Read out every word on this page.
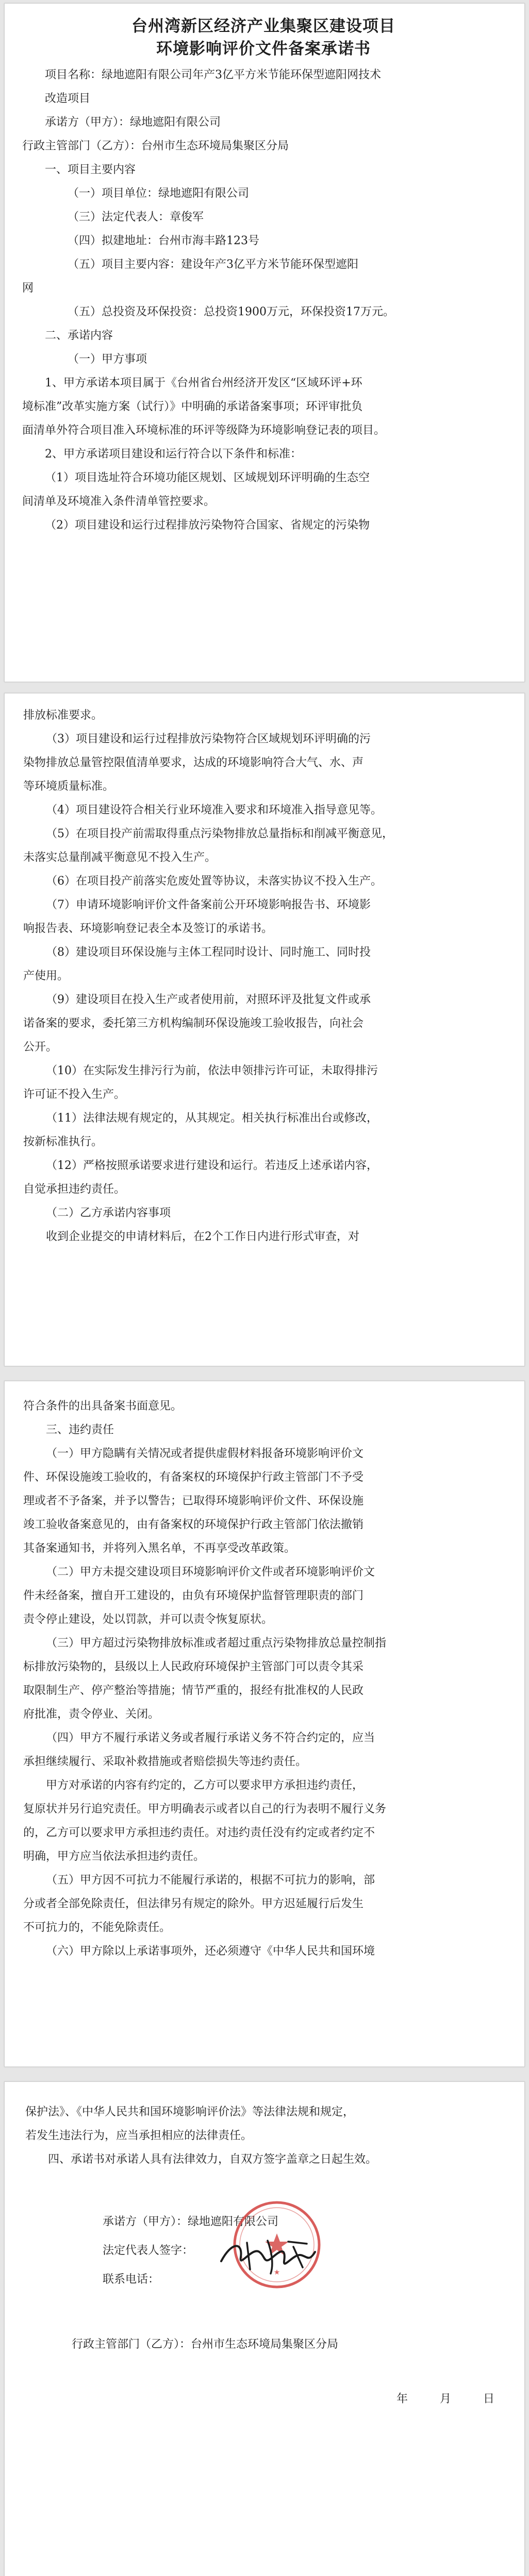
台州湾新区经济产业集聚区建设项目

环境影响评价文件备案承诺书

项目名称：绿地遮阳有限公司年产3亿平方米节能环保型遮阳网技术

改造项目

承诺方（甲方）：绿地遮阳有限公司

行政主管部门（乙方）：台州市生态环境局集聚区分局

一、项目主要内容

（一）项目单位：绿地遮阳有限公司

（三）法定代表人：章俊军

（四）拟建地址：台州市海丰路123号

（五）项目主要内容：建设年产3亿平方米节能环保型遮阳

网

（五）总投资及环保投资：总投资1900万元，环保投资17万元。

二、承诺内容

（一）甲方事项

1、甲方承诺本项目属于《台州省台州经济开发区“区域环评+环

境标准”改革实施方案（试行）》中明确的承诺备案事项；环评审批负

面清单外符合项目准入环境标准的环评等级降为环境影响登记表的项目。

2、甲方承诺项目建设和运行符合以下条件和标准：

（1）项目选址符合环境功能区规划、区域规划环评明确的生态空

间清单及环境准入条件清单管控要求。

（2）项目建设和运行过程排放污染物符合国家、省规定的污染物

排放标准要求。

（3）项目建设和运行过程排放污染物符合区域规划环评明确的污

染物排放总量管控限值清单要求，达成的环境影响符合大气、水、声

等环境质量标准。

（4）项目建设符合相关行业环境准入要求和环境准入指导意见等。

（5）在项目投产前需取得重点污染物排放总量指标和削减平衡意见，

未落实总量削减平衡意见不投入生产。

（6）在项目投产前落实危废处置等协议，未落实协议不投入生产。

（7）申请环境影响评价文件备案前公开环境影响报告书、环境影

响报告表、环境影响登记表全本及签订的承诺书。

（8）建设项目环保设施与主体工程同时设计、同时施工、同时投

产使用。

（9）建设项目在投入生产或者使用前，对照环评及批复文件或承

诺备案的要求，委托第三方机构编制环保设施竣工验收报告，向社会

公开。

（10）在实际发生排污行为前，依法申领排污许可证，未取得排污

许可证不投入生产。

（11）法律法规有规定的，从其规定。相关执行标准出台或修改，

按新标准执行。

（12）严格按照承诺要求进行建设和运行。若违反上述承诺内容，

自觉承担违约责任。

（二）乙方承诺内容事项

收到企业提交的申请材料后，在2个工作日内进行形式审查，对

符合条件的出具备案书面意见。

三、违约责任

（一）甲方隐瞒有关情况或者提供虚假材料报备环境影响评价文

件、环保设施竣工验收的，有备案权的环境保护行政主管部门不予受

理或者不予备案，并予以警告；已取得环境影响评价文件、环保设施

竣工验收备案意见的，由有备案权的环境保护行政主管部门依法撤销

其备案通知书，并将列入黑名单，不再享受改革政策。

（二）甲方未提交建设项目环境影响评价文件或者环境影响评价文

件未经备案，擅自开工建设的，由负有环境保护监督管理职责的部门

责令停止建设，处以罚款，并可以责令恢复原状。

（三）甲方超过污染物排放标准或者超过重点污染物排放总量控制指

标排放污染物的，县级以上人民政府环境保护主管部门可以责令其采

取限制生产、停产整治等措施；情节严重的，报经有批准权的人民政

府批准，责令停业、关闭。

（四）甲方不履行承诺义务或者履行承诺义务不符合约定的，应当

承担继续履行、采取补救措施或者赔偿损失等违约责任。

甲方对承诺的内容有约定的，乙方可以要求甲方承担违约责任，

复原状并另行追究责任。甲方明确表示或者以自己的行为表明不履行义务

的，乙方可以要求甲方承担违约责任。对违约责任没有约定或者约定不

明确，甲方应当依法承担违约责任。

（五）甲方因不可抗力不能履行承诺的，根据不可抗力的影响，部

分或者全部免除责任，但法律另有规定的除外。甲方迟延履行后发生

不可抗力的，不能免除责任。

（六）甲方除以上承诺事项外，还必须遵守《中华人民共和国环境

保护法》、《中华人民共和国环境影响评价法》等法律法规和规定，

若发生违法行为，应当承担相应的法律责任。

四、承诺书对承诺人具有法律效力，自双方签字盖章之日起生效。

★

承诺方（甲方）：绿地遮阳有限公司

法定代表人签字：

联系电话：

行政主管部门（乙方）：台州市生态环境局集聚区分局

年	月	日
